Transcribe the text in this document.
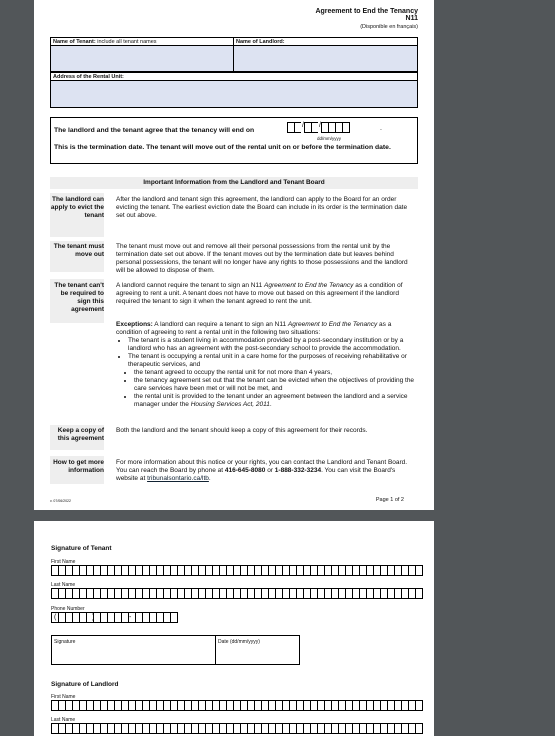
Agreement to End the Tenancy
N11
(Disponible en français)
Name of Tenant: include all tenant names	Name of Landlord:
Address of the Rental Unit:
The landlord and the tenant agree that the tenancy will end on
/ /	.
dd/mm/yyyy
This is the termination date. The tenant will move out of the rental unit on or before the termination date.
Important Information from the Landlord and Tenant Board
The landlord can apply to evict the tenant
After the landlord and tenant sign this agreement, the landlord can apply to the Board for an order evicting the tenant. The earliest eviction date the Board can include in its order is the termination date set out above.
The tenant must move out
The tenant must move out and remove all their personal possessions from the rental unit by the termination date set out above. If the tenant moves out by the termination date but leaves behind personal possessions, the tenant will no longer have any rights to those possessions and the landlord will be allowed to dispose of them.
The tenant can't be required to sign this agreement
A landlord cannot require the tenant to sign an N11 Agreement to End the Tenancy as a condition of agreeing to rent a unit. A tenant does not have to move out based on this agreement if the landlord required the tenant to sign it when the tenant agreed to rent the unit.
Exceptions: A landlord can require a tenant to sign an N11 Agreement to End the Tenancy as a condition of agreeing to rent a rental unit in the following two situations:
• The tenant is a student living in accommodation provided by a post-secondary institution or by a landlord who has an agreement with the post-secondary school to provide the accommodation.
• The tenant is occupying a rental unit in a care home for the purposes of receiving rehabilitative or therapeutic services, and
• the tenant agreed to occupy the rental unit for not more than 4 years,
• the tenancy agreement set out that the tenant can be evicted when the objectives of providing the care services have been met or will not be met, and
• the rental unit is provided to the tenant under an agreement between the landlord and a service manager under the Housing Services Act, 2011.
Keep a copy of this agreement
Both the landlord and the tenant should keep a copy of this agreement for their records.
How to get more information
For more information about this notice or your rights, you can contact the Landlord and Tenant Board. You can reach the Board by phone at 416-645-8080 or 1-888-332-3234. You can visit the Board's website at tribunalsontario.ca/ltb.
v. 07/06/2022	Page 1 of 2
Signature of Tenant
First Name
Last Name
Phone Number
(	)	-
Signature	Date (dd/mm/yyyy)
Signature of Landlord
First Name
Last Name
